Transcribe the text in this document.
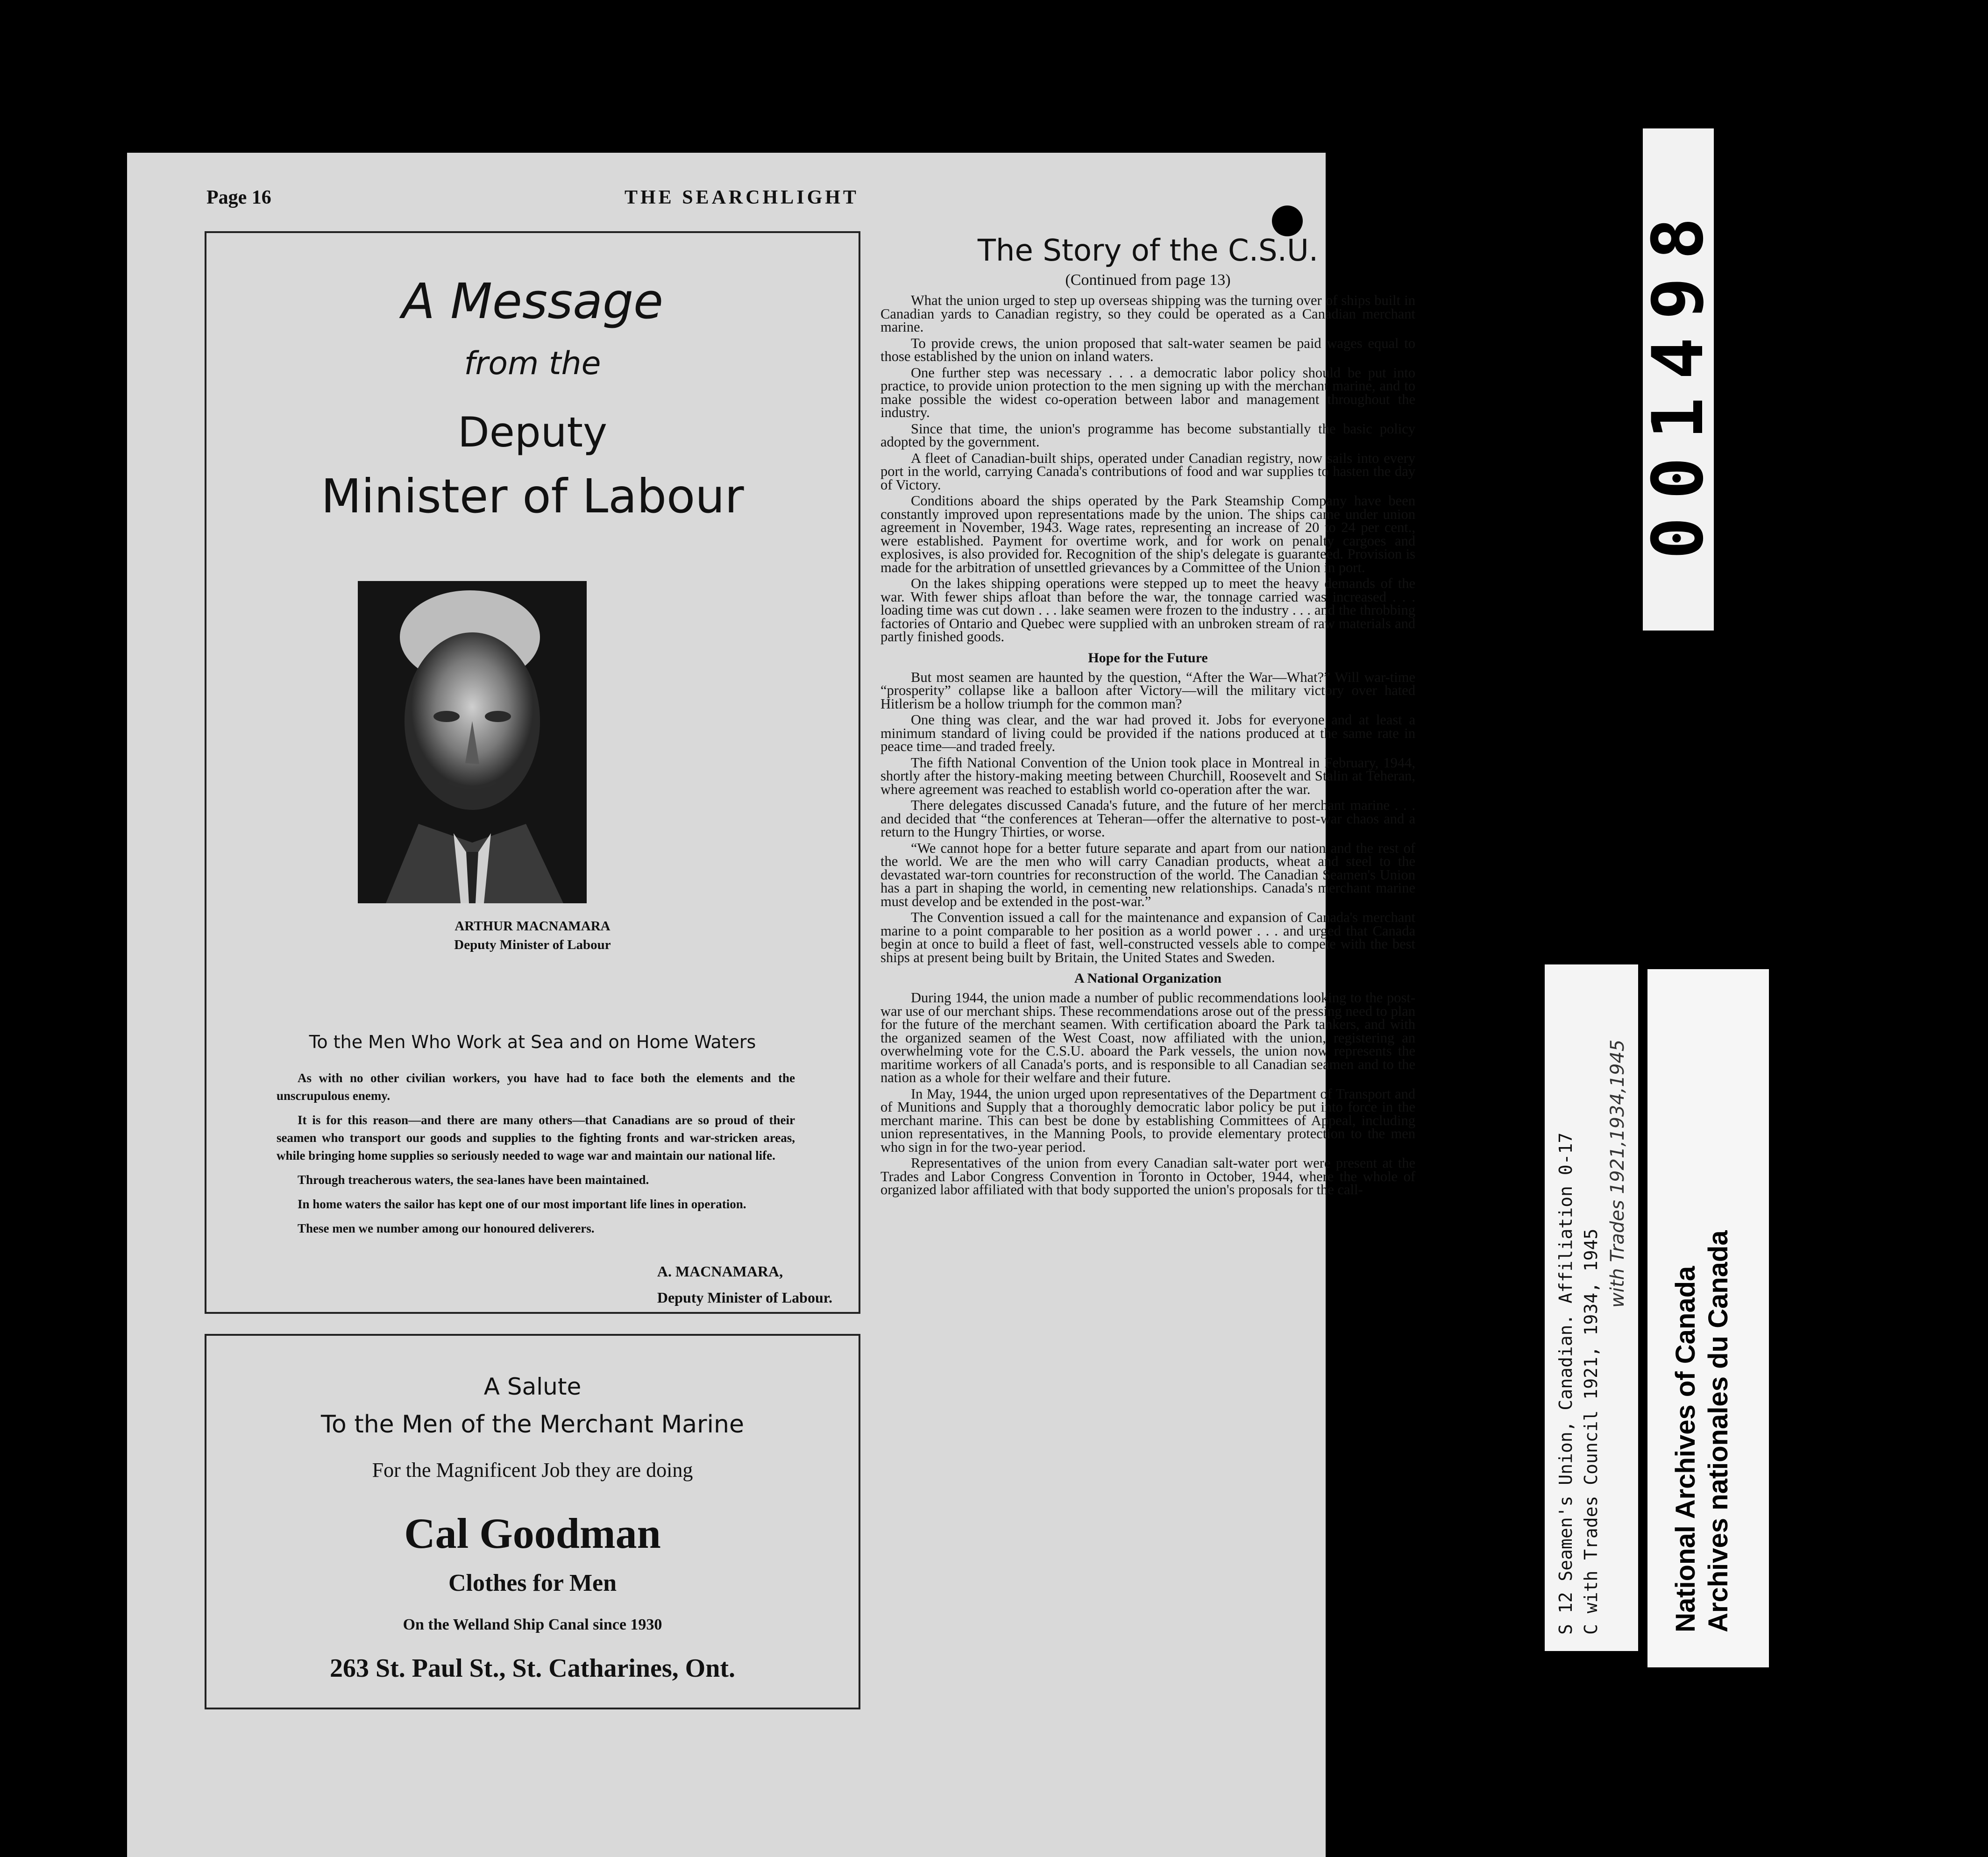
Page 16	THE SEARCHLIGHT
A Message
from the
Deputy
Minister of Labour
ARTHUR MACNAMARA
Deputy Minister of Labour
To the Men Who Work at Sea and on Home Waters

As with no other civilian workers, you have had to face both the elements and the unscrupulous enemy.

It is for this reason—and there are many others—that Canadians are so proud of their seamen who transport our goods and supplies to the fighting fronts and war-stricken areas, while bringing home supplies so seriously needed to wage war and maintain our national life.

Through treacherous waters, the sea-lanes have been maintained.

In home waters the sailor has kept one of our most important life lines in operation.

These men we number among our honoured deliverers.

A. MACNAMARA,
Deputy Minister of Labour.
A Salute
To the Men of the Merchant Marine
For the Magnificent Job they are doing
Cal Goodman
Clothes for Men
On the Welland Ship Canal since 1930
263 St. Paul St., St. Catharines, Ont.
The Story of the C.S.U.
(Continued from page 13)

What the union urged to step up overseas shipping was the turning over of ships built in Canadian yards to Canadian registry, so they could be operated as a Canadian merchant marine.

To provide crews, the union proposed that salt-water seamen be paid wages equal to those established by the union on inland waters.

One further step was necessary . . . a democratic labor policy should be put into practice, to provide union protection to the men signing up with the merchant marine, and to make possible the widest co-operation between labor and management throughout the industry.

Since that time, the union's programme has become substantially the basic policy adopted by the government.

A fleet of Canadian-built ships, operated under Canadian registry, now sails into every port in the world, carrying Canada's contributions of food and war supplies to hasten the day of Victory.

Conditions aboard the ships operated by the Park Steamship Company have been constantly improved upon representations made by the union. The ships came under union agreement in November, 1943. Wage rates, representing an increase of 20 to 24 per cent., were established. Payment for overtime work, and for work on penalty cargoes and explosives, is also provided for. Recognition of the ship's delegate is guaranteed. Provision is made for the arbitration of unsettled grievances by a Committee of the Union in port.

On the lakes shipping operations were stepped up to meet the heavy demands of the war. With fewer ships afloat than before the war, the tonnage carried was increased . . . loading time was cut down . . . lake seamen were frozen to the industry . . . and the throbbing factories of Ontario and Quebec were supplied with an unbroken stream of raw materials and partly finished goods.

Hope for the Future

But most seamen are haunted by the question, “After the War—What?” Will war-time “prosperity” collapse like a balloon after Victory—will the military victory over hated Hitlerism be a hollow triumph for the common man?

One thing was clear, and the war had proved it. Jobs for everyone and at least a minimum standard of living could be provided if the nations produced at the same rate in peace time—and traded freely.

The fifth National Convention of the Union took place in Montreal in February, 1944, shortly after the history-making meeting between Churchill, Roosevelt and Stalin at Teheran, where agreement was reached to establish world co-operation after the war.

There delegates discussed Canada's future, and the future of her merchant marine . . . and decided that “the conferences at Teheran—offer the alternative to post-war chaos and a return to the Hungry Thirties, or worse.

“We cannot hope for a better future separate and apart from our nation and the rest of the world. We are the men who will carry Canadian products, wheat and steel to the devastated war-torn countries for reconstruction of the world. The Canadian Seamen's Union has a part in shaping the world, in cementing new relationships. Canada's merchant marine must develop and be extended in the post-war.”

The Convention issued a call for the maintenance and expansion of Canada's merchant marine to a point comparable to her position as a world power . . . and urged that Canada begin at once to build a fleet of fast, well-constructed vessels able to compete with the best ships at present being built by Britain, the United States and Sweden.

A National Organization

During 1944, the union made a number of public recommendations looking to the post-war use of our merchant ships. These recommendations arose out of the pressing need to plan for the future of the merchant seamen. With certification aboard the Park tankers, and with the organized seamen of the West Coast, now affiliated with the union, registering an overwhelming vote for the C.S.U. aboard the Park vessels, the union now represents the maritime workers of all Canada's ports, and is responsible to all Canadian seamen and to the nation as a whole for their welfare and their future.

In May, 1944, the union urged upon representatives of the Department of Transport and of Munitions and Supply that a thoroughly democratic labor policy be put into force in the merchant marine. This can best be done by establishing Committees of Appeal, including union representatives, in the Manning Pools, to provide elementary protection to the men who sign in for the two-year period.

Representatives of the union from every Canadian salt-water port were present at the Trades and Labor Congress Convention in Toronto in October, 1944, where the whole of organized labor affiliated with that body supported the union's proposals for the call-

001498
S 12 Seamen's Union, Canadian. Affiliation 0-17 C with Trades Council 1921, 1934, 1945
with Trades 1921,1934,1945
National Archives of Canada Archives nationales du Canada
